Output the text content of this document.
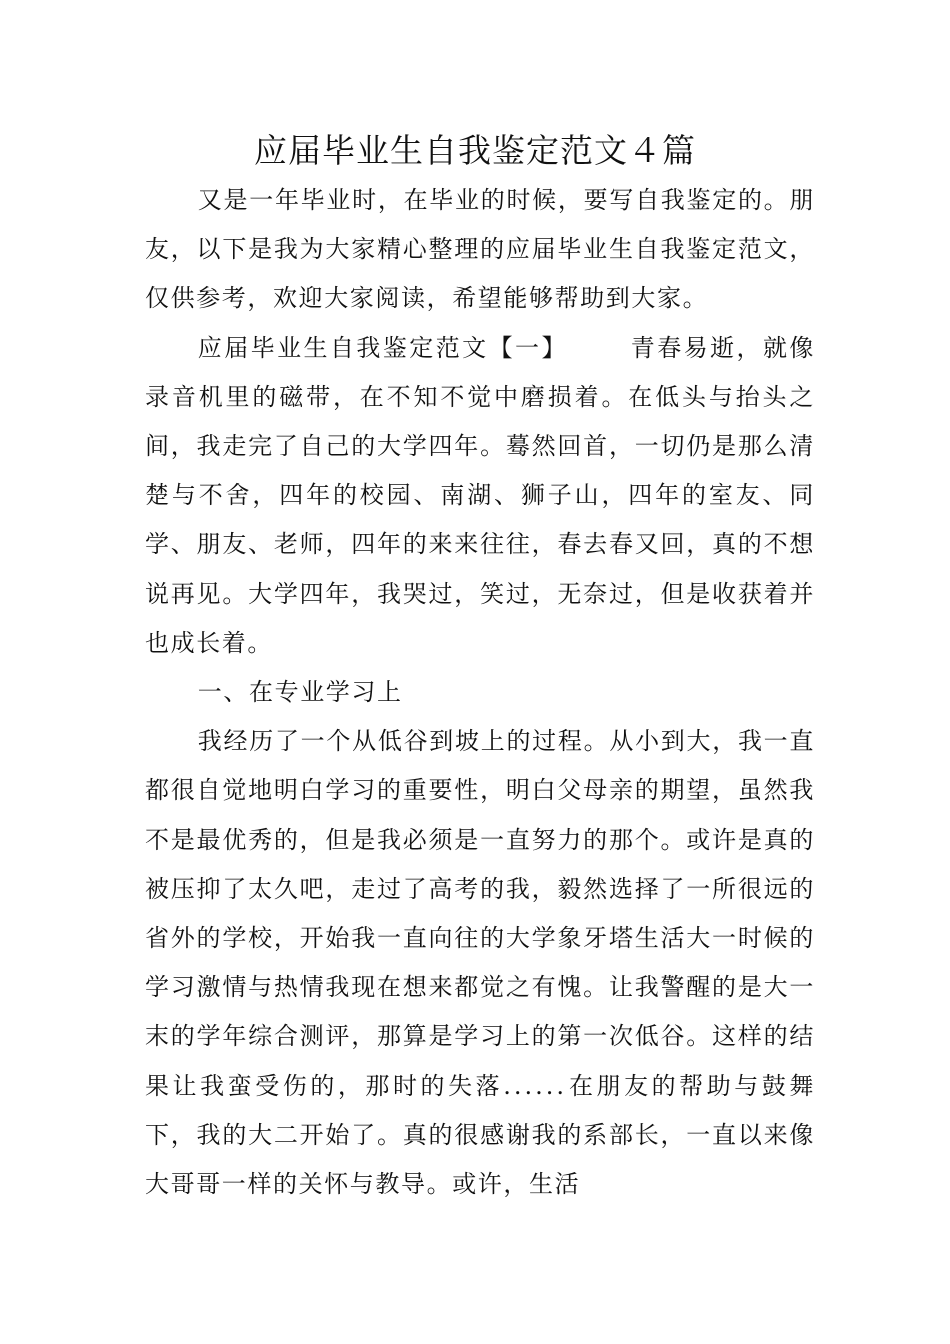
应届毕业生自我鉴定范文４篇

又是一年毕业时，在毕业的时候，要写自我鉴定的。朋友，以下是我为大家精心整理的应届毕业生自我鉴定范文，仅供参考，欢迎大家阅读，希望能够帮助到大家。

应届毕业生自我鉴定范文【一】	青春易逝，就像录音机里的磁带，在不知不觉中磨损着。在低头与抬头之间，我走完了自己的大学四年。蓦然回首，一切仍是那么清楚与不舍，四年的校园、南湖、狮子山，四年的室友、同学、朋友、老师，四年的来来往往，春去春又回，真的不想说再见。大学四年，我哭过，笑过，无奈过，但是收获着并也成长着。

一、在专业学习上

我经历了一个从低谷到坡上的过程。从小到大，我一直都很自觉地明白学习的重要性，明白父母亲的期望，虽然我不是最优秀的，但是我必须是一直努力的那个。或许是真的被压抑了太久吧，走过了高考的我，毅然选择了一所很远的省外的学校，开始我一直向往的大学象牙塔生活大一时候的学习激情与热情我现在想来都觉之有愧。让我警醒的是大一末的学年综合测评，那算是学习上的第一次低谷。这样的结果让我蛮受伤的，那时的失落......在朋友的帮助与鼓舞下，我的大二开始了。真的很感谢我的系部长，一直以来像大哥哥一样的关怀与教导。或许，生活
